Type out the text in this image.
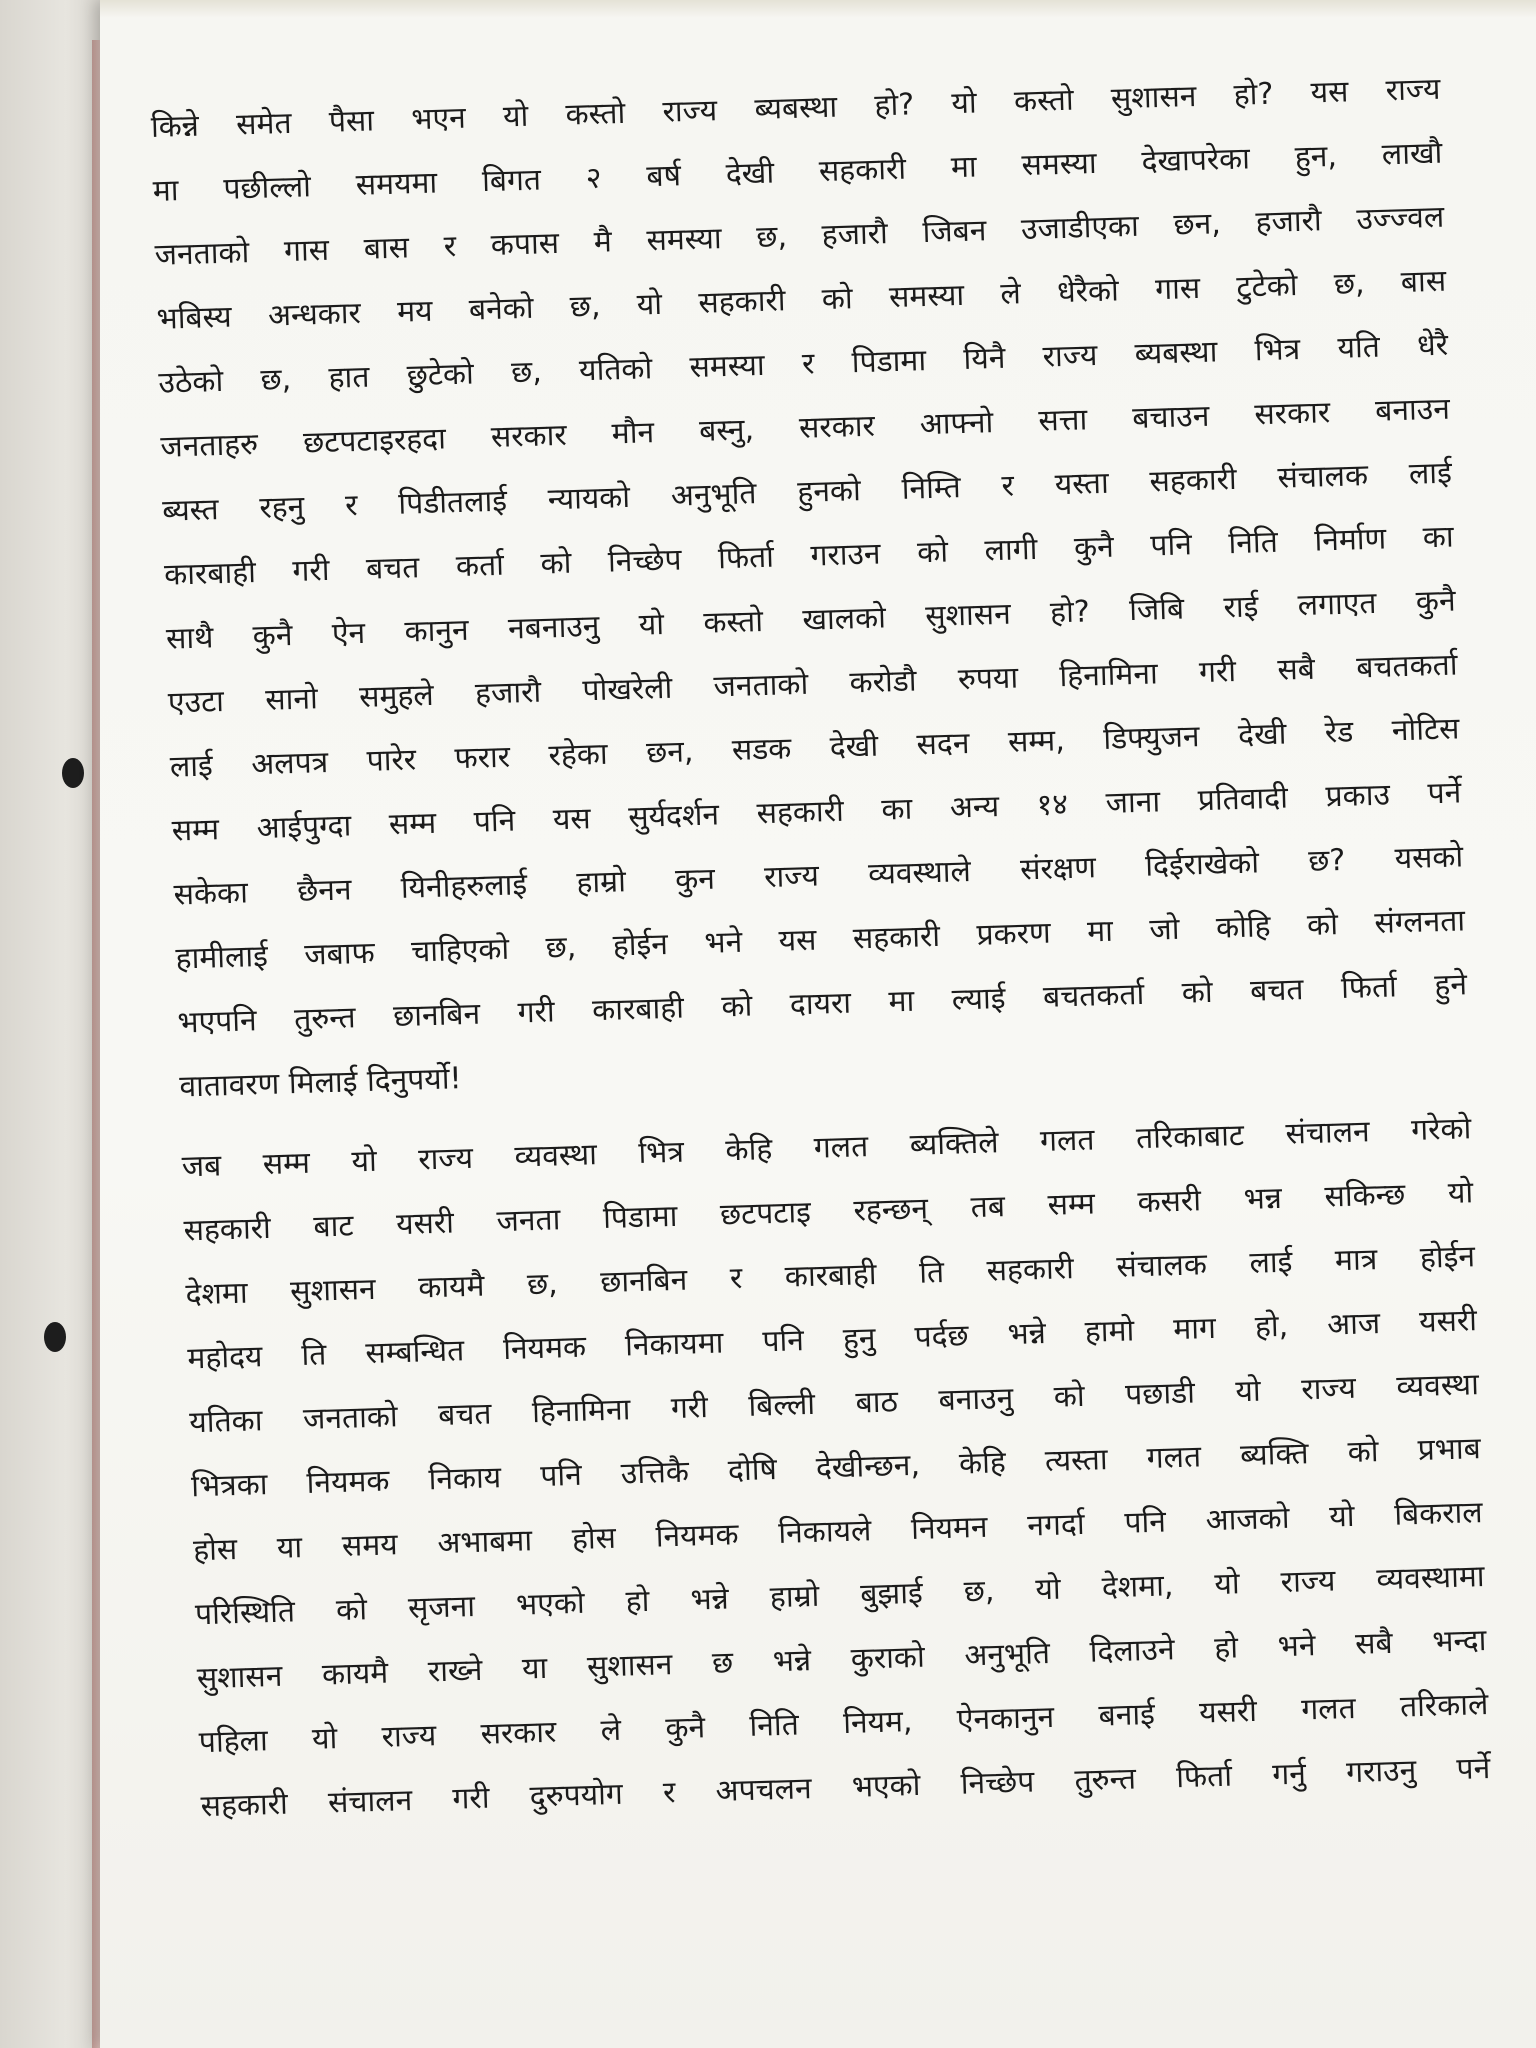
किन्ने समेत पैसा भएन यो कस्तो राज्य ब्यबस्था हो? यो कस्तो सुशासन हो? यस राज्य
मा पछील्लो समयमा बिगत २ बर्ष देखी सहकारी मा समस्या देखापरेका हुन, लाखौ
जनताको गास बास र कपास मै समस्या छ, हजारौ जिबन उजाडीएका छन, हजारौ उज्ज्वल
भबिस्य अन्धकार मय बनेको छ, यो सहकारी को समस्या ले धेरैको गास टुटेको छ, बास
उठेको छ, हात छुटेको छ, यतिको समस्या र पिडामा यिनै राज्य ब्यबस्था भित्र यति धेरै
जनताहरु छटपटाइरहदा सरकार मौन बस्नु, सरकार आफ्नो सत्ता बचाउन सरकार बनाउन
ब्यस्त रहनु र पिडीतलाई न्यायको अनुभूति हुनको निम्ति र यस्ता सहकारी संचालक लाई
कारबाही गरी बचत कर्ता को निच्छेप फिर्ता गराउन को लागी कुनै पनि निति निर्माण का
साथै कुनै ऐन कानुन नबनाउनु यो कस्तो खालको सुशासन हो? जिबि राई लगाएत कुनै
एउटा सानो समुहले हजारौ पोखरेली जनताको करोडौ रुपया हिनामिना गरी सबै बचतकर्ता
लाई अलपत्र पारेर फरार रहेका छन, सडक देखी सदन सम्म, डिफ्युजन देखी रेड नोटिस
सम्म आईपुग्दा सम्म पनि यस सुर्यदर्शन सहकारी का अन्य १४ जाना प्रतिवादी प्रकाउ पर्ने
सकेका छैनन यिनीहरुलाई हाम्रो कुन राज्य व्यवस्थाले संरक्षण दिईराखेको छ? यसको
हामीलाई जबाफ चाहिएको छ, होईन भने यस सहकारी प्रकरण मा जो कोहि को संग्लनता
भएपनि तुरुन्त छानबिन गरी कारबाही को दायरा मा ल्याई बचतकर्ता को बचत फिर्ता हुने
वातावरण मिलाई दिनुपर्यो!
जब सम्म यो राज्य व्यवस्था भित्र केहि गलत ब्यक्तिले गलत तरिकाबाट संचालन गरेको
सहकारी बाट यसरी जनता पिडामा छटपटाइ रहन्छन् तब सम्म कसरी भन्न सकिन्छ यो
देशमा सुशासन कायमै छ, छानबिन र कारबाही ति सहकारी संचालक लाई मात्र होईन
महोदय ति सम्बन्धित नियमक निकायमा पनि हुनु पर्दछ भन्ने हामो माग हो, आज यसरी
यतिका जनताको बचत हिनामिना गरी बिल्ली बाठ बनाउनु को पछाडी यो राज्य व्यवस्था
भित्रका नियमक निकाय पनि उत्तिकै दोषि देखीन्छन, केहि त्यस्ता गलत ब्यक्ति को प्रभाब
होस या समय अभाबमा होस नियमक निकायले नियमन नगर्दा पनि आजको यो बिकराल
परिस्थिति को सृजना भएको हो भन्ने हाम्रो बुझाई छ, यो देशमा, यो राज्य व्यवस्थामा
सुशासन कायमै राख्ने या सुशासन छ भन्ने कुराको अनुभूति दिलाउने हो भने सबै भन्दा
पहिला यो राज्य सरकार ले कुनै निति नियम, ऐनकानुन बनाई यसरी गलत तरिकाले
सहकारी संचालन गरी दुरुपयोग र अपचलन भएको निच्छेप तुरुन्त फिर्ता गर्नु गराउनु पर्ने
